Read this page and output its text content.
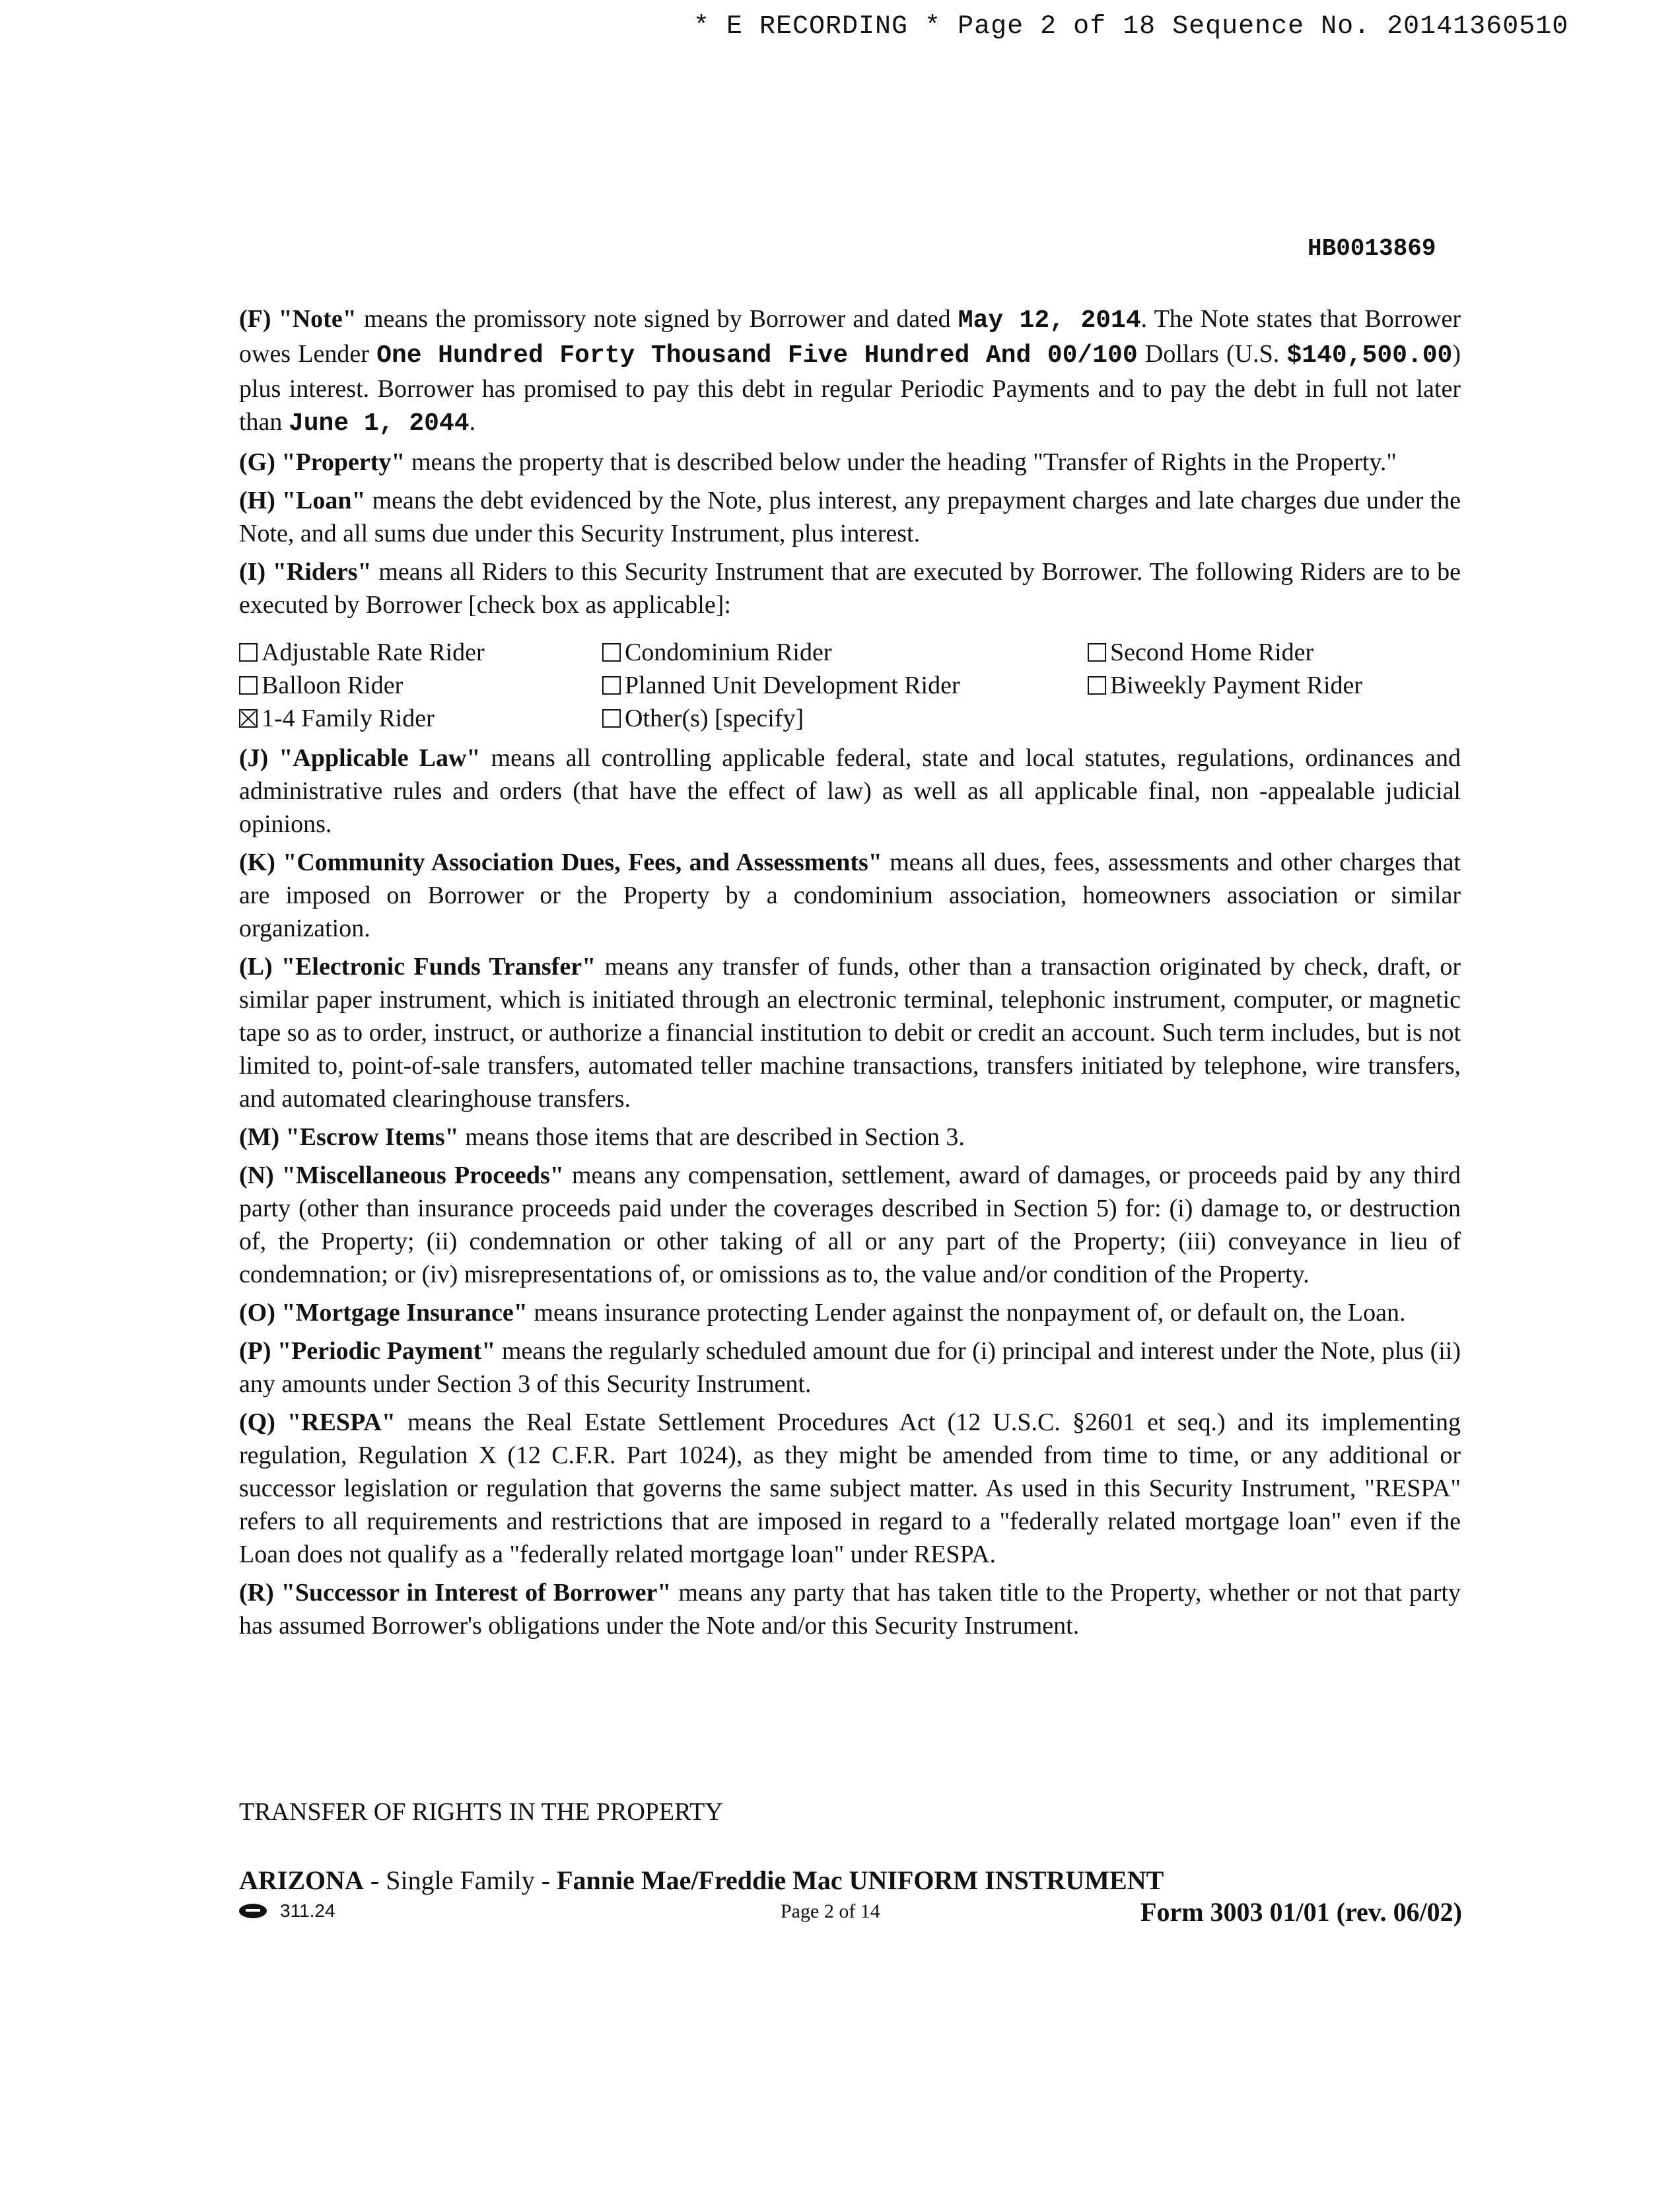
* E RECORDING * Page 2 of 18 Sequence No. 20141360510
HB0013869

(F) "Note" means the promissory note signed by Borrower and dated May 12, 2014. The Note states that Borrower owes Lender One Hundred Forty Thousand Five Hundred And 00/100 Dollars (U.S. $140,500.00) plus interest. Borrower has promised to pay this debt in regular Periodic Payments and to pay the debt in full not later than June 1, 2044.

(G) "Property" means the property that is described below under the heading "Transfer of Rights in the Property."

(H) "Loan" means the debt evidenced by the Note, plus interest, any prepayment charges and late charges due under the Note, and all sums due under this Security Instrument, plus interest.

(I) "Riders" means all Riders to this Security Instrument that are executed by Borrower. The following Riders are to be executed by Borrower [check box as applicable]:

Adjustable Rate Rider	Condominium Rider	Second Home Rider
Balloon Rider	Planned Unit Development Rider	Biweekly Payment Rider
1-4 Family Rider	Other(s) [specify]

(J) "Applicable Law" means all controlling applicable federal, state and local statutes, regulations, ordinances and administrative rules and orders (that have the effect of law) as well as all applicable final, non -appealable judicial opinions.

(K) "Community Association Dues, Fees, and Assessments" means all dues, fees, assessments and other charges that are imposed on Borrower or the Property by a condominium association, homeowners association or similar organization.

(L) "Electronic Funds Transfer" means any transfer of funds, other than a transaction originated by check, draft, or similar paper instrument, which is initiated through an electronic terminal, telephonic instrument, computer, or magnetic tape so as to order, instruct, or authorize a financial institution to debit or credit an account. Such term includes, but is not limited to, point-of-sale transfers, automated teller machine transactions, transfers initiated by telephone, wire transfers, and automated clearinghouse transfers.

(M) "Escrow Items" means those items that are described in Section 3.

(N) "Miscellaneous Proceeds" means any compensation, settlement, award of damages, or proceeds paid by any third party (other than insurance proceeds paid under the coverages described in Section 5) for: (i) damage to, or destruction of, the Property; (ii) condemnation or other taking of all or any part of the Property; (iii) conveyance in lieu of condemnation; or (iv) misrepresentations of, or omissions as to, the value and/or condition of the Property.

(O) "Mortgage Insurance" means insurance protecting Lender against the nonpayment of, or default on, the Loan.

(P) "Periodic Payment" means the regularly scheduled amount due for (i) principal and interest under the Note, plus (ii) any amounts under Section 3 of this Security Instrument.

(Q) "RESPA" means the Real Estate Settlement Procedures Act (12 U.S.C. §2601 et seq.) and its implementing regulation, Regulation X (12 C.F.R. Part 1024), as they might be amended from time to time, or any additional or successor legislation or regulation that governs the same subject matter. As used in this Security Instrument, "RESPA" refers to all requirements and restrictions that are imposed in regard to a "federally related mortgage loan" even if the Loan does not qualify as a "federally related mortgage loan" under RESPA.

(R) "Successor in Interest of Borrower" means any party that has taken title to the Property, whether or not that party has assumed Borrower's obligations under the Note and/or this Security Instrument.

TRANSFER OF RIGHTS IN THE PROPERTY
ARIZONA - Single Family - Fannie Mae/Freddie Mac UNIFORM INSTRUMENT
311.24	Page 2 of 14	Form 3003 01/01 (rev. 06/02)
